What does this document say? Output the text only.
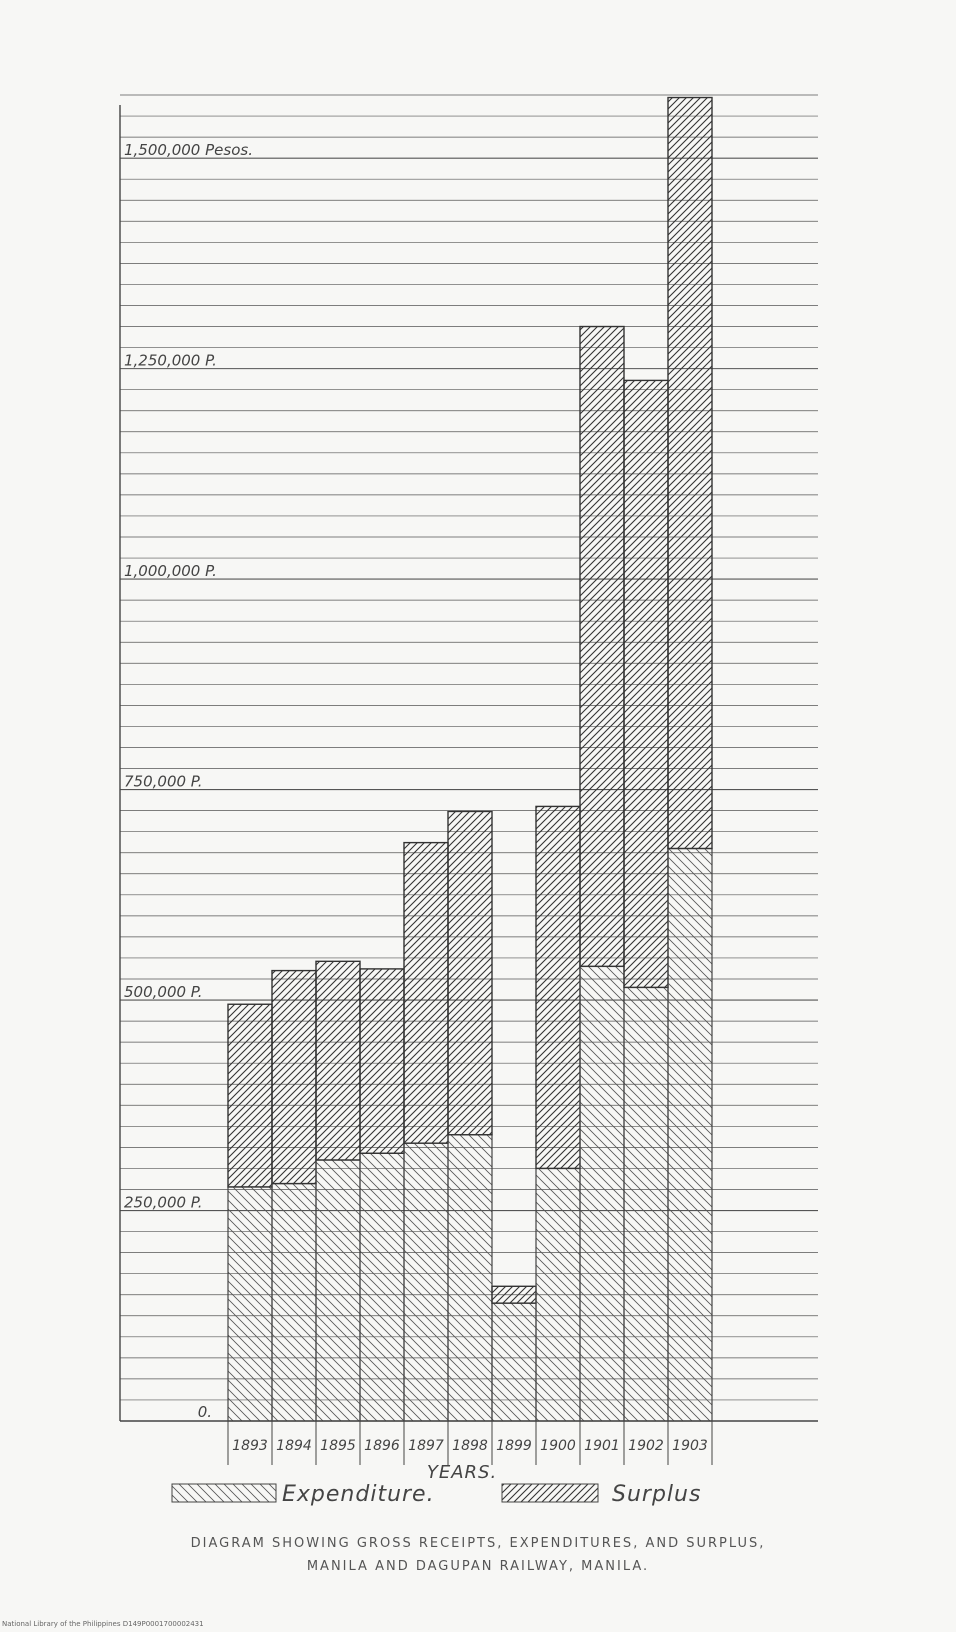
0.
250,000 P.
500,000 P.
750,000 P.
1,000,000 P.
1,250,000 P.
1,500,000 Pesos.
1893 1894 1895 1896 1897 1898 1899 1900 1901 1902 1903
YEARS.
Expenditure.	Surplus
DIAGRAM SHOWING GROSS RECEIPTS, EXPENDITURES, AND SURPLUS,
MANILA AND DAGUPAN RAILWAY, MANILA.
National Library of the Philippines D149P0001700002431
